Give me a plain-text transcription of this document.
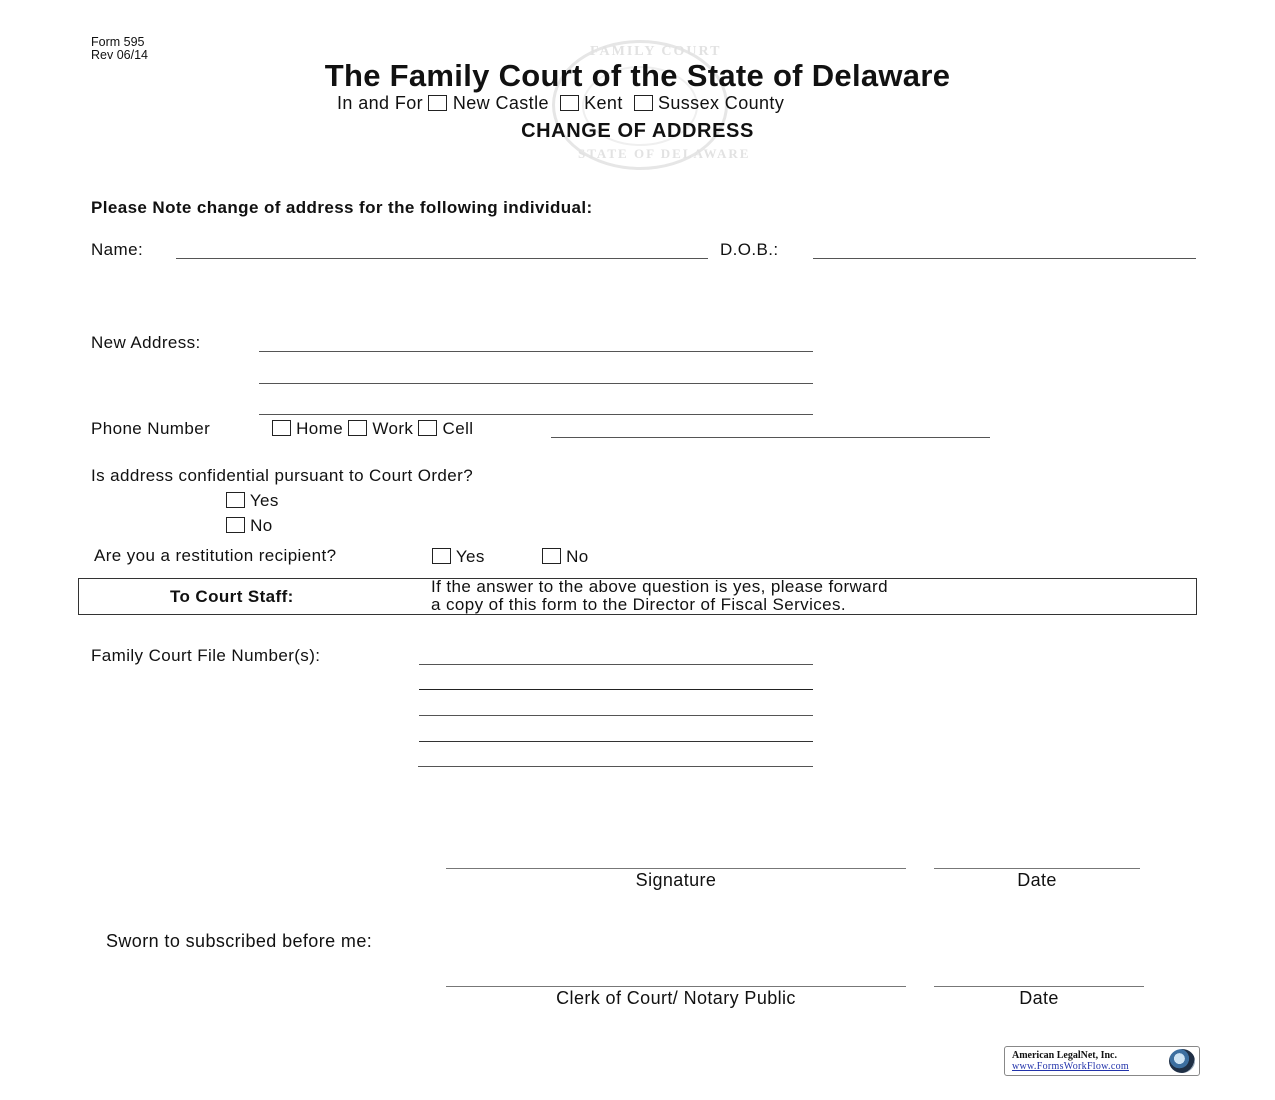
Form 595
Rev 06/14	FAMILY COURT
STATE OF DELAWARE
The Family Court of the State of Delaware
In and For New Castle Kent Sussex County
CHANGE OF ADDRESS
Please Note change of address for the following individual:
Name:	D.O.B.:
New Address:
Phone Number	Home Work Cell
Is address confidential pursuant to Court Order?
Yes
No
Are you a restitution recipient?	Yes	No
To Court Staff:
If the answer to the above question is yes, please forward
a copy of this form to the Director of Fiscal Services.
Family Court File Number(s):
Signature	Date
Sworn to subscribed before me:
Clerk of Court/ Notary Public	Date
American LegalNet, Inc.
www.FormsWorkFlow.com
